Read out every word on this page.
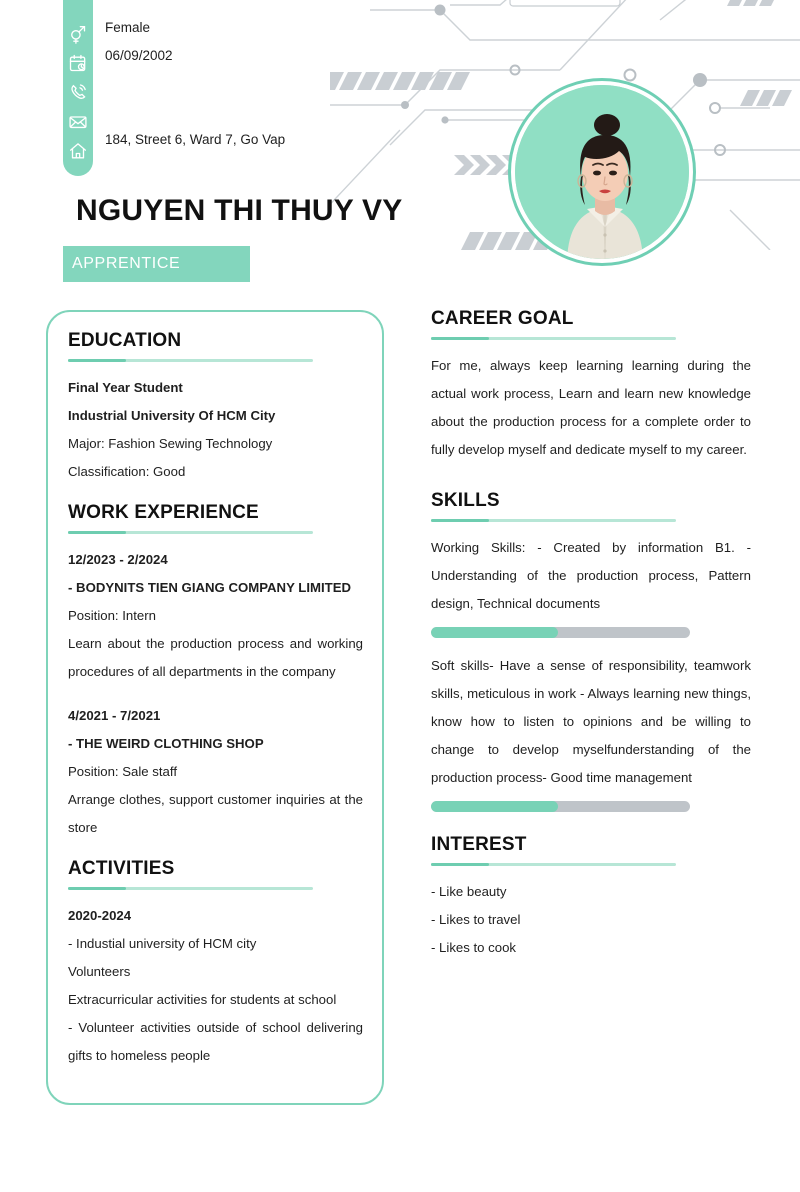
Female
06/09/2002
184, Street 6, Ward 7, Go Vap
NGUYEN THI THUY VY
APPRENTICE
EDUCATION
Final Year Student
Industrial University Of HCM City
Major: Fashion Sewing Technology
Classification: Good
WORK EXPERIENCE
12/2023 - 2/2024
- BODYNITS TIEN GIANG COMPANY LIMITED
Position: Intern

Learn about the production process and working procedures of all departments in the company

4/2021 - 7/2021
- THE WEIRD CLOTHING SHOP
Position: Sale staff

Arrange clothes, support customer inquiries at the store

ACTIVITIES
2020-2024
- Industial university of HCM city
Volunteers
Extracurricular activities for students at school

- Volunteer activities outside of school delivering gifts to homeless people

CAREER GOAL

For me, always keep learning learning during the actual work process, Learn and learn new knowledge about the production process for a complete order to fully develop myself and dedicate myself to my career.

SKILLS

Working Skills: - Created by information B1. - Understanding of the production process, Pattern design, Technical documents

Soft skills- Have a sense of responsibility, teamwork skills, meticulous in work - Always learning new things, know how to listen to opinions and be willing to change to develop myselfunderstanding of the production process- Good time management

INTEREST
- Like beauty
- Likes to travel
- Likes to cook
